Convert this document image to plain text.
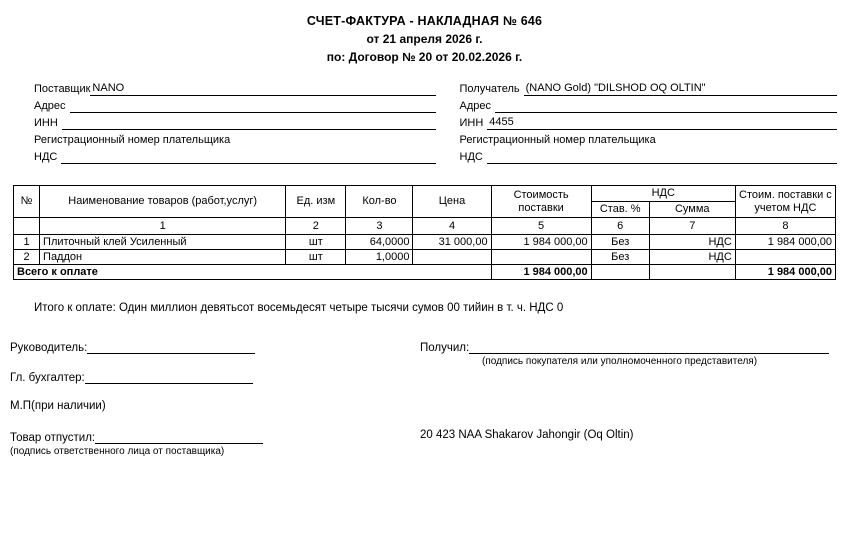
СЧЕТ-ФАКТУРА - НАКЛАДНАЯ № 646
от 21 апреля 2026 г.
по: Договор № 20 от 20.02.2026 г.
Поставщик NANO
Адрес
ИНН
Регистрационный номер плательщика
НДС
Получатель (NANO Gold) "DILSHOD OQ OLTIN"
Адрес
ИНН 4455
Регистрационный номер плательщика
НДС
№	Наименование товаров (работ,услуг)	Ед. изм	Кол-во	Цена	Стоимость поставки	НДС		Стоим. поставки с учетом НДС
						Став. %	Сумма	
	1	2	3	4	5	6	7	8
1	Плиточный клей Усиленный	шт	64,0000	31 000,00	1 984 000,00	Без	НДС	1 984 000,00
2	Паддон	шт	1,0000			Без	НДС	
Всего к оплате					1 984 000,00			1 984 000,00
Итого к оплате: Один миллион девятьсот восемьдесят четыре тысячи сумов 00 тийин в т. ч. НДС 0
Руководитель:
Гл. бухгалтер:
М.П(при наличии)
Товар отпустил:
(подпись ответственного лица от поставщика)
Получил:
(подпись покупателя или уполномоченного представителя)
20 423 NAA Shakarov Jahongir (Oq Oltin)
